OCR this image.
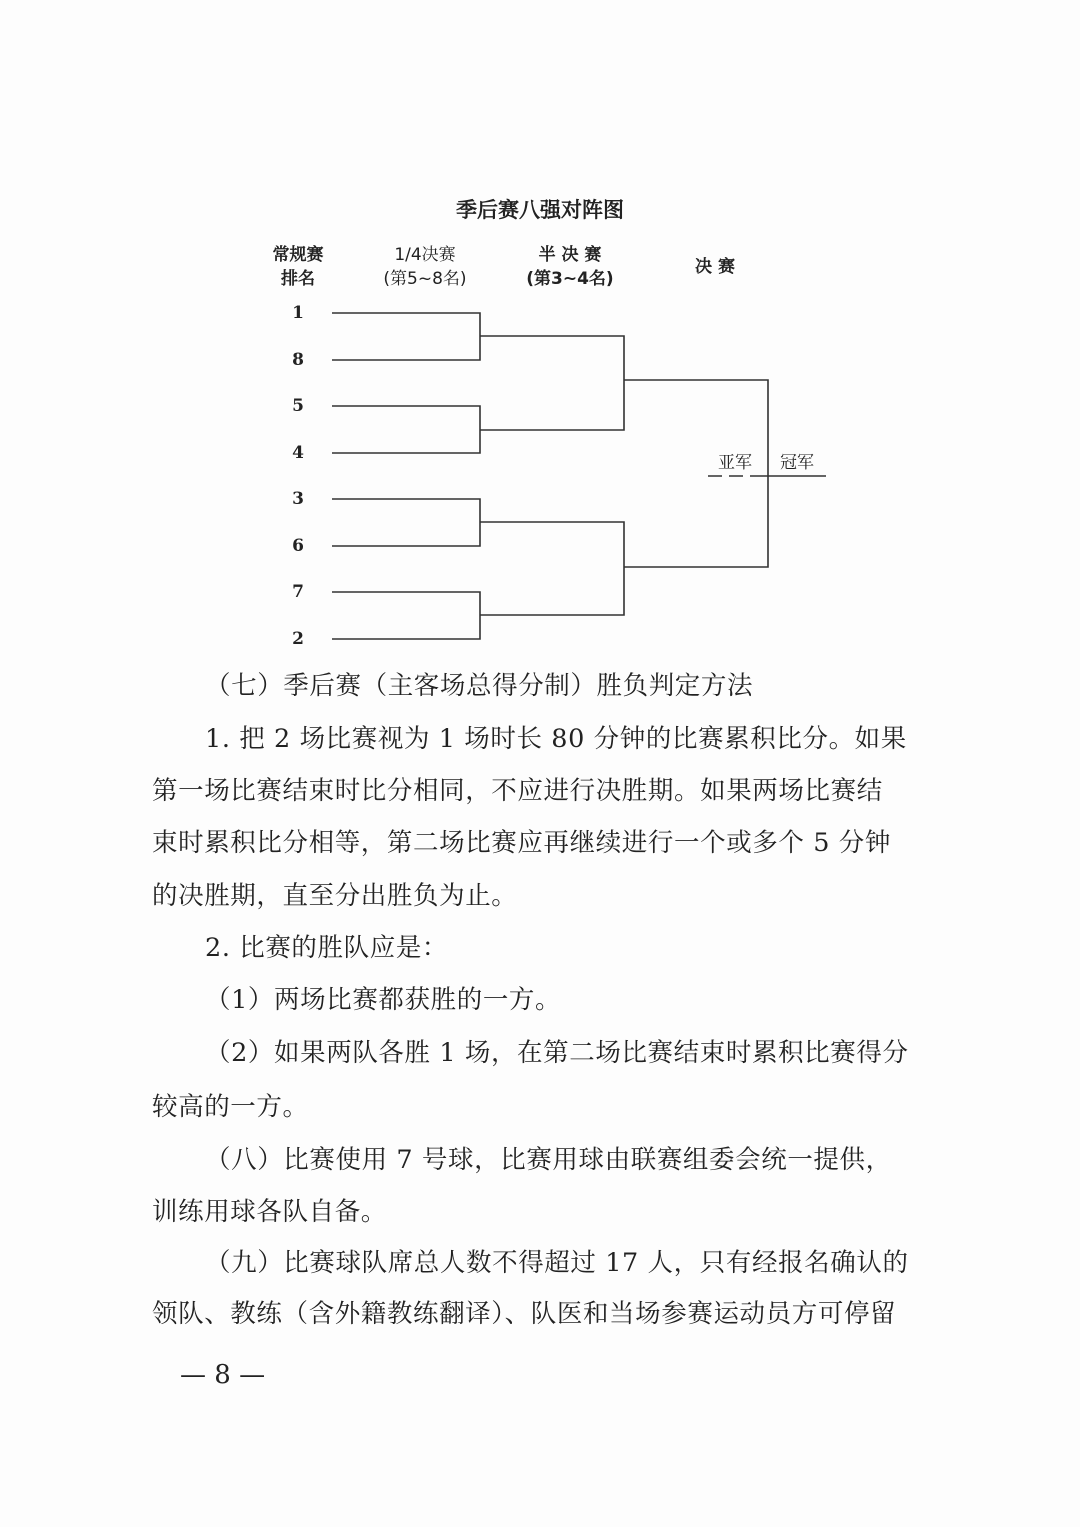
季后赛八强对阵图
常规赛
排名
1/4决赛
(第5~8名)
半 决 赛
(第3~4名)
决 赛
1
8
5
4
3
6
7
2
亚军 冠军
（七）季后赛（主客场总得分制）胜负判定方法
1. 把 2 场比赛视为 1 场时长 80 分钟的比赛累积比分。如果
第一场比赛结束时比分相同，不应进行决胜期。如果两场比赛结
束时累积比分相等，第二场比赛应再继续进行一个或多个 5 分钟
的决胜期，直至分出胜负为止。
2. 比赛的胜队应是：
（1）两场比赛都获胜的一方。
（2）如果两队各胜 1 场，在第二场比赛结束时累积比赛得分
较高的一方。
（八）比赛使用 7 号球，比赛用球由联赛组委会统一提供，
训练用球各队自备。
（九）比赛球队席总人数不得超过 17 人，只有经报名确认的
领队、教练（含外籍教练翻译）、队医和当场参赛运动员方可停留
— 8 —
